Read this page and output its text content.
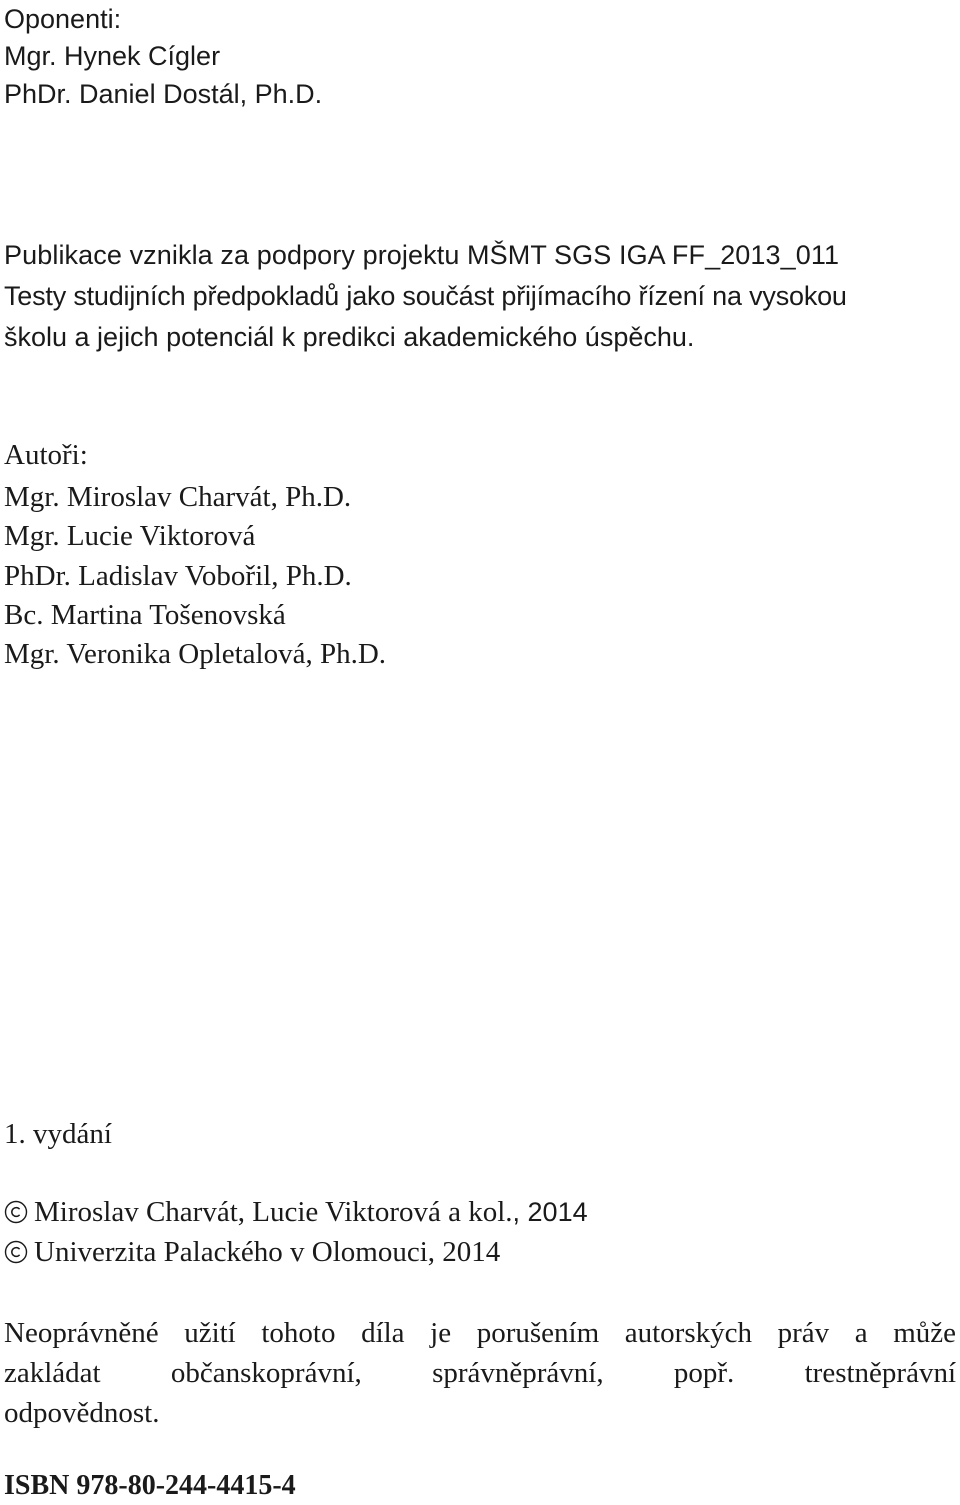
Oponenti:
Mgr. Hynek Cígler
PhDr. Daniel Dostál, Ph.D.
Publikace vznikla za podpory projektu MŠMT SGS IGA FF_2013_011
Testy studijních předpokladů jako součást přijímacího řízení na vysokou
školu a jejich potenciál k predikci akademického úspěchu.
Autoři:
Mgr. Miroslav Charvát, Ph.D.
Mgr. Lucie Viktorová
PhDr. Ladislav Vobořil, Ph.D.
Bc. Martina Tošenovská
Mgr. Veronika Opletalová, Ph.D.
1. vydání
Miroslav Charvát, Lucie Viktorová a kol., 2014
Univerzita Palackého v Olomouci, 2014
Neoprávněné užití tohoto díla je porušením autorských práv a může
zakládat občanskoprávní, správněprávní, popř. trestněprávní
odpovědnost.
ISBN 978-80-244-4415-4
